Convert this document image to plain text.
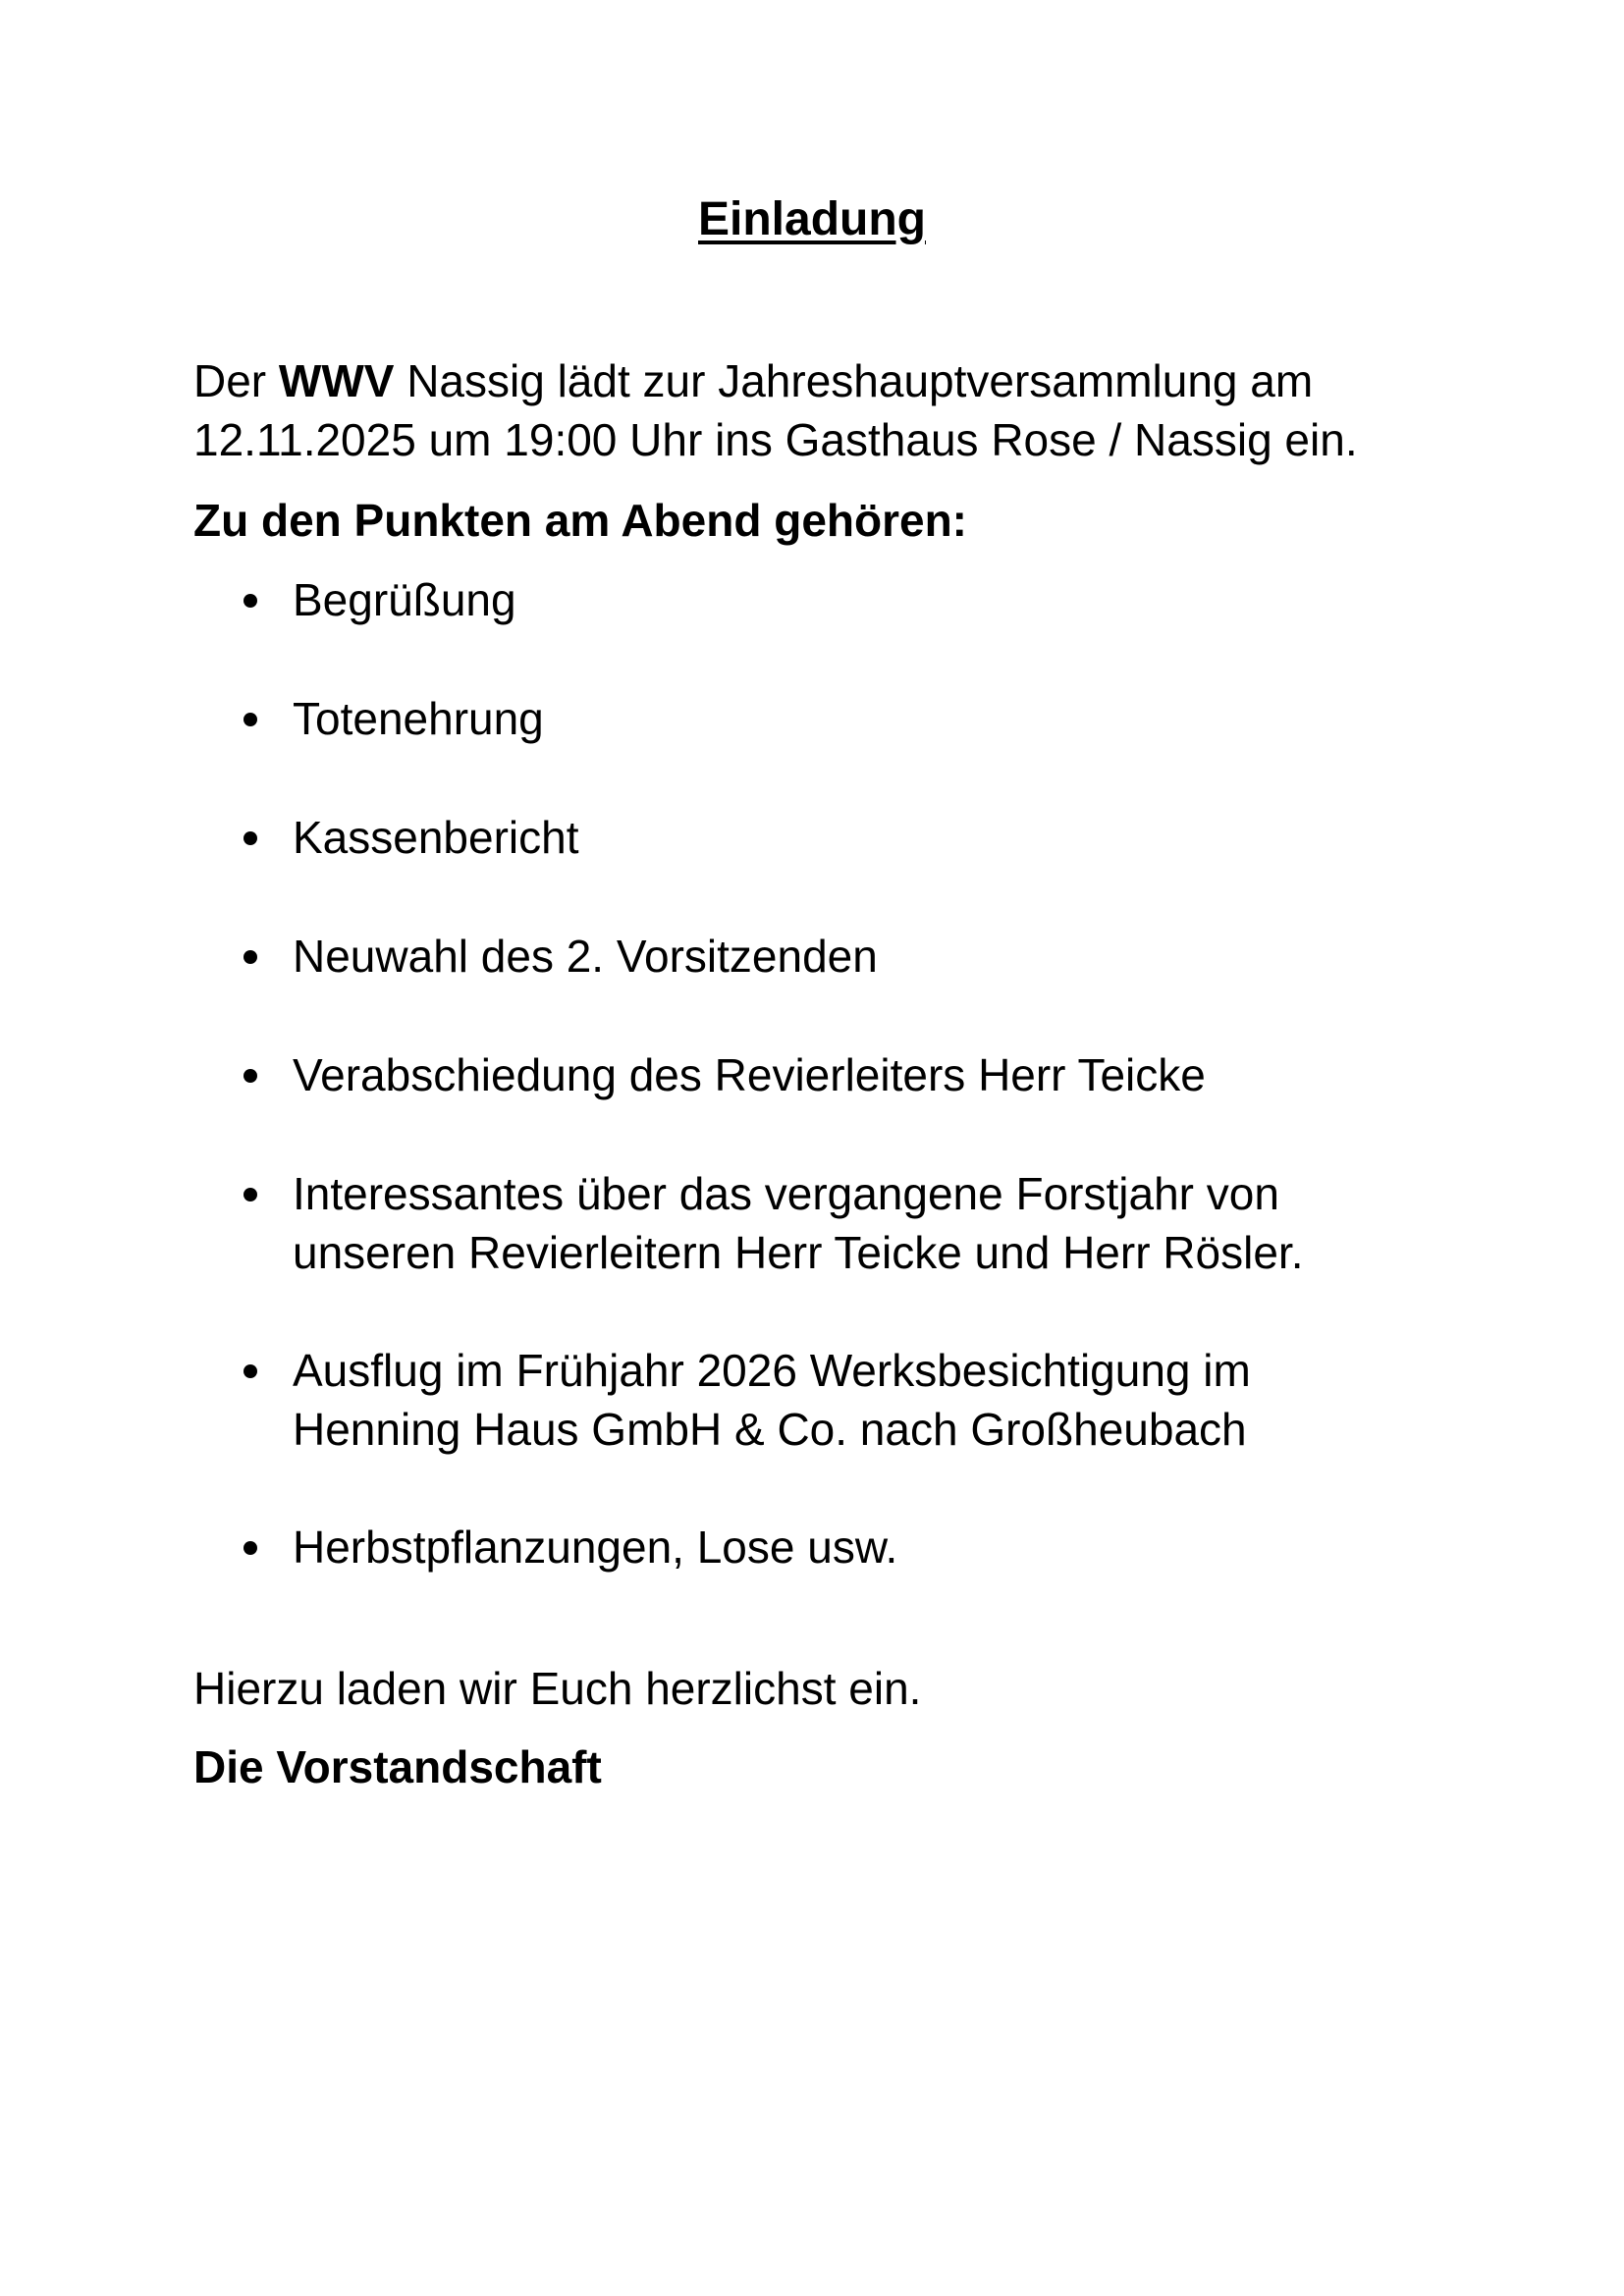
Einladung

Der WWV Nassig lädt zur Jahreshauptversammlung am
12.11.2025 um 19:00 Uhr ins Gasthaus Rose / Nassig ein.

Zu den Punkten am Abend gehören:

Begrüßung
Totenehrung
Kassenbericht
Neuwahl des 2. Vorsitzenden
Verabschiedung des Revierleiters Herr Teicke
Interessantes über das vergangene Forstjahr von
unseren Revierleitern Herr Teicke und Herr Rösler.
Ausflug im Frühjahr 2026 Werksbesichtigung im
Henning Haus GmbH & Co. nach Großheubach
Herbstpflanzungen, Lose usw.

Hierzu laden wir Euch herzlichst ein.

Die Vorstandschaft
